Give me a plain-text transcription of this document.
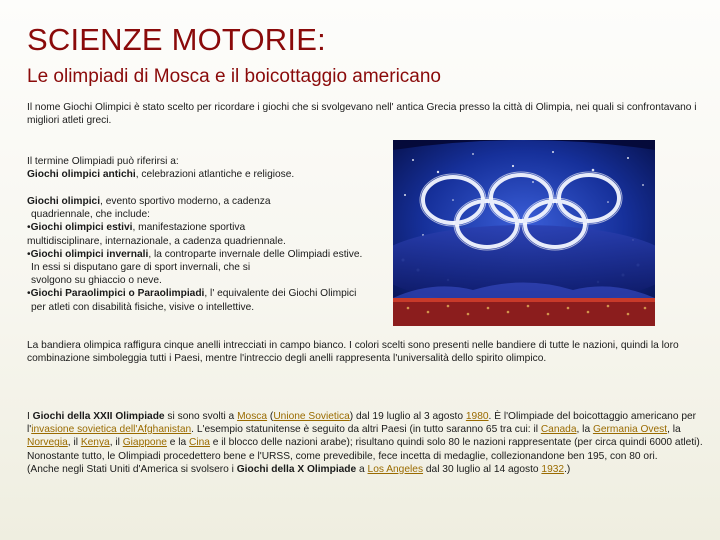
SCIENZE MOTORIE:
Le olimpiadi di Mosca e il boicottaggio americano

Il nome Giochi Olimpici è stato scelto per ricordare i giochi che si svolgevano nell' antica Grecia presso la città di Olimpia, nei quali si confrontavano i migliori atleti greci.

Il termine Olimpiadi può riferirsi a:

Giochi olimpici antichi, celebrazioni atlantiche e religiose.

Giochi olimpici, evento sportivo moderno, a cadenza

quadriennale, che include:

•Giochi olimpici estivi, manifestazione sportiva

multidisciplinare, internazionale, a cadenza quadriennale.

•Giochi olimpici invernali, la controparte invernale delle Olimpiadi estive.

In essi si disputano gare di sport invernali, che si

svolgono su ghiaccio o neve.

•Giochi Paraolimpici o Paraolimpiadi, l' equivalente dei Giochi Olimpici

per atleti con disabilità fisiche, visive o intellettive.

La bandiera olimpica raffigura cinque anelli intrecciati in campo bianco. I colori scelti sono presenti nelle bandiere di tutte le nazioni, quindi la loro combinazione simboleggia tutti i Paesi, mentre l'intreccio degli anelli rappresenta l'universalità dello spirito olimpico.

I Giochi della XXII Olimpiade si sono svolti a Mosca (Unione Sovietica) dal 19 luglio al 3 agosto 1980. È l'Olimpiade del boicottaggio americano per l'invasione sovietica dell'Afghanistan. L'esempio statunitense è seguito da altri Paesi (in tutto saranno 65 tra cui: il Canada, la Germania Ovest, la Norvegia, il Kenya, il Giappone e la Cina e il blocco delle nazioni arabe); risultano quindi solo 80 le nazioni rappresentate (per circa quindi 6000 atleti).

Nonostante tutto, le Olimpiadi procedettero bene e l'URSS, come prevedibile, fece incetta di medaglie, collezionandone ben 195, con 80 ori.

(Anche negli Stati Uniti d'America si svolsero i Giochi della X Olimpiade a Los Angeles dal 30 luglio al 14 agosto 1932.)
